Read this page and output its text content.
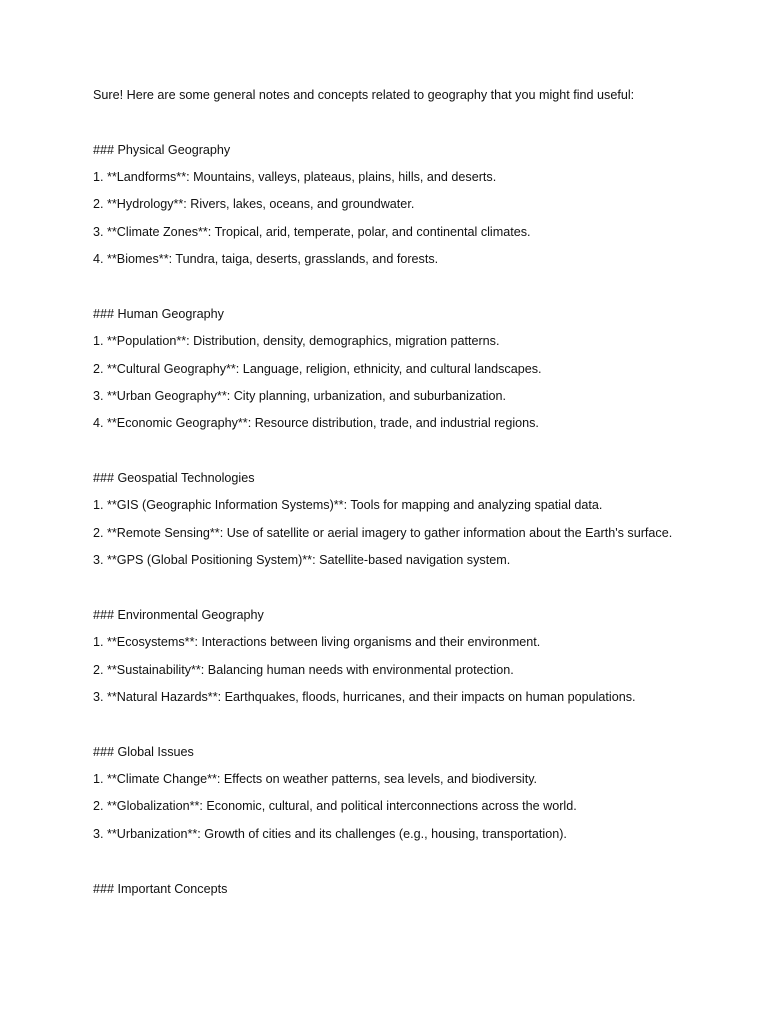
Sure! Here are some general notes and concepts related to geography that you might find useful:

### Physical Geography

1. **Landforms**: Mountains, valleys, plateaus, plains, hills, and deserts.

2. **Hydrology**: Rivers, lakes, oceans, and groundwater.

3. **Climate Zones**: Tropical, arid, temperate, polar, and continental climates.

4. **Biomes**: Tundra, taiga, deserts, grasslands, and forests.

### Human Geography

1. **Population**: Distribution, density, demographics, migration patterns.

2. **Cultural Geography**: Language, religion, ethnicity, and cultural landscapes.

3. **Urban Geography**: City planning, urbanization, and suburbanization.

4. **Economic Geography**: Resource distribution, trade, and industrial regions.

### Geospatial Technologies

1. **GIS (Geographic Information Systems)**: Tools for mapping and analyzing spatial data.

2. **Remote Sensing**: Use of satellite or aerial imagery to gather information about the Earth's surface.

3. **GPS (Global Positioning System)**: Satellite-based navigation system.

### Environmental Geography

1. **Ecosystems**: Interactions between living organisms and their environment.

2. **Sustainability**: Balancing human needs with environmental protection.

3. **Natural Hazards**: Earthquakes, floods, hurricanes, and their impacts on human populations.

### Global Issues

1. **Climate Change**: Effects on weather patterns, sea levels, and biodiversity.

2. **Globalization**: Economic, cultural, and political interconnections across the world.

3. **Urbanization**: Growth of cities and its challenges (e.g., housing, transportation).

### Important Concepts
